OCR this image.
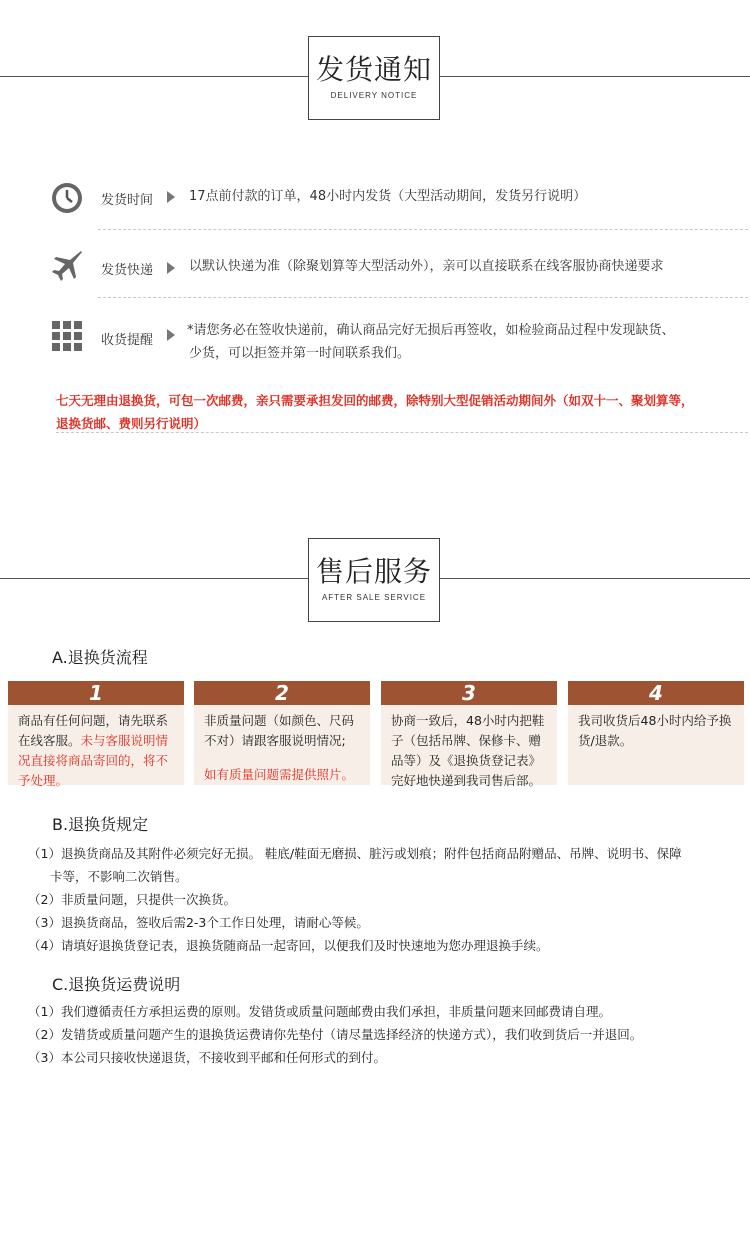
发货通知
DELIVERY NOTICE
发货时间	17点前付款的订单，48小时内发货（大型活动期间，发货另行说明）
发货快递	以默认快递为准（除聚划算等大型活动外），亲可以直接联系在线客服协商快递要求
收货提醒
*请您务必在签收快递前，确认商品完好无损后再签收，如检验商品过程中发现缺货、
少货，可以拒签并第一时间联系我们。
七天无理由退换货，可包一次邮费，亲只需要承担发回的邮费，除特别大型促销活动期间外（如双十一、聚划算等，
退换货邮、费则另行说明）
售后服务
AFTER SALE SERVICE
A.退换货流程
1
商品有任何问题，请先联系
在线客服。未与客服说明情
况直接将商品寄回的，将不
予处理。
2
非质量问题（如颜色、尺码
不对）请跟客服说明情况;
如有质量问题需提供照片。
3
协商一致后，48小时内把鞋
子（包括吊牌、保修卡、赠
品等）及《退换货登记表》
完好地快递到我司售后部。
4
我司收货后48小时内给予换
货/退款。
B.退换货规定
（1）退换货商品及其附件必须完好无损。 鞋底/鞋面无磨损、脏污或划痕；附件包括商品附赠品、吊牌、说明书、保障
卡等，不影响二次销售。
（2）非质量问题，只提供一次换货。
（3）退换货商品，签收后需2-3个工作日处理，请耐心等候。
（4）请填好退换货登记表，退换货随商品一起寄回，以便我们及时快速地为您办理退换手续。
C.退换货运费说明
（1）我们遵循责任方承担运费的原则。发错货或质量问题邮费由我们承担，非质量问题来回邮费请自理。
（2）发错货或质量问题产生的退换货运费请你先垫付（请尽量选择经济的快递方式），我们收到货后一并退回。
（3）本公司只接收快递退货，不接收到平邮和任何形式的到付。
